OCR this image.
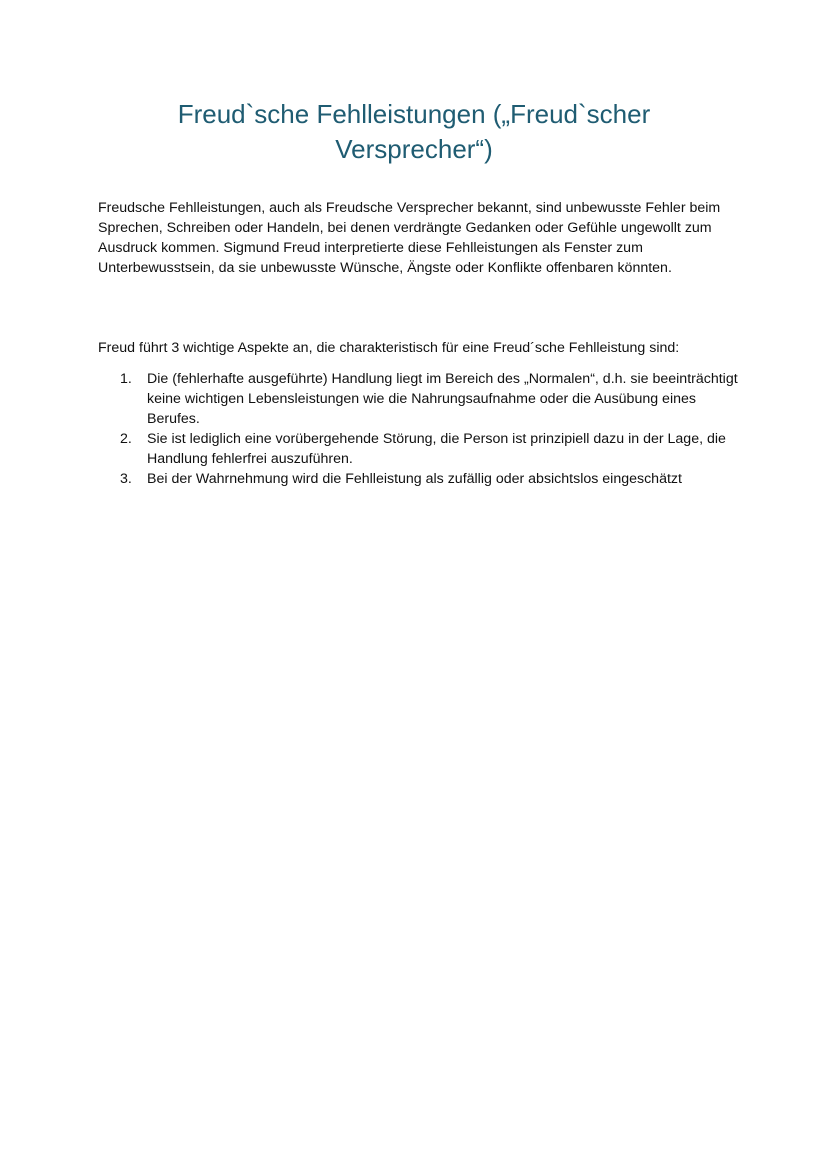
Freud`sche Fehlleistungen („Freud`scher Versprecher“)

Freudsche Fehlleistungen, auch als Freudsche Versprecher bekannt, sind unbewusste Fehler beim Sprechen, Schreiben oder Handeln, bei denen verdrängte Gedanken oder Gefühle ungewollt zum Ausdruck kommen. Sigmund Freud interpretierte diese Fehlleistungen als Fenster zum Unterbewusstsein, da sie unbewusste Wünsche, Ängste oder Konflikte offenbaren könnten.

Freud führt 3 wichtige Aspekte an, die charakteristisch für eine Freud´sche Fehlleistung sind:

1. Die (fehlerhafte ausgeführte) Handlung liegt im Bereich des „Normalen“, d.h. sie beeinträchtigt keine wichtigen Lebensleistungen wie die Nahrungsaufnahme oder die Ausübung eines Berufes.
2. Sie ist lediglich eine vorübergehende Störung, die Person ist prinzipiell dazu in der Lage, die Handlung fehlerfrei auszuführen.
3. Bei der Wahrnehmung wird die Fehlleistung als zufällig oder absichtslos eingeschätzt
